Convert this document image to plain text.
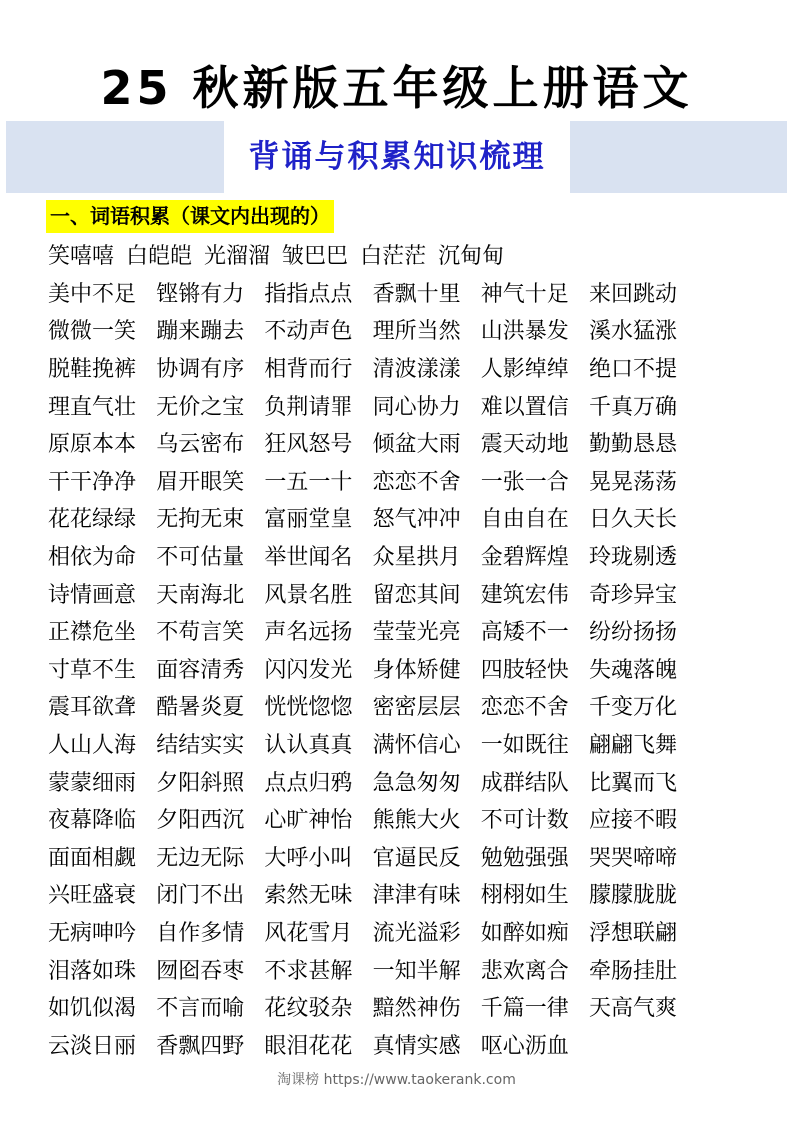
25 秋新版五年级上册语文
背诵与积累知识梳理
一、词语积累（课文内出现的）
笑嘻嘻 白皑皑 光溜溜 皱巴巴 白茫茫 沉甸甸
美中不足 铿锵有力 指指点点 香飘十里 神气十足 来回跳动
微微一笑 蹦来蹦去 不动声色 理所当然 山洪暴发 溪水猛涨
脱鞋挽裤 协调有序 相背而行 清波漾漾 人影绰绰 绝口不提
理直气壮 无价之宝 负荆请罪 同心协力 难以置信 千真万确
原原本本 乌云密布 狂风怒号 倾盆大雨 震天动地 勤勤恳恳
干干净净 眉开眼笑 一五一十 恋恋不舍 一张一合 晃晃荡荡
花花绿绿 无拘无束 富丽堂皇 怒气冲冲 自由自在 日久天长
相依为命 不可估量 举世闻名 众星拱月 金碧辉煌 玲珑剔透
诗情画意 天南海北 风景名胜 留恋其间 建筑宏伟 奇珍异宝
正襟危坐 不苟言笑 声名远扬 莹莹光亮 高矮不一 纷纷扬扬
寸草不生 面容清秀 闪闪发光 身体矫健 四肢轻快 失魂落魄
震耳欲聋 酷暑炎夏 恍恍惚惚 密密层层 恋恋不舍 千变万化
人山人海 结结实实 认认真真 满怀信心 一如既往 翩翩飞舞
蒙蒙细雨 夕阳斜照 点点归鸦 急急匆匆 成群结队 比翼而飞
夜幕降临 夕阳西沉 心旷神怡 熊熊大火 不可计数 应接不暇
面面相觑 无边无际 大呼小叫 官逼民反 勉勉强强 哭哭啼啼
兴旺盛衰 闭门不出 索然无味 津津有味 栩栩如生 朦朦胧胧
无病呻吟 自作多情 风花雪月 流光溢彩 如醉如痴 浮想联翩
泪落如珠 囫囵吞枣 不求甚解 一知半解 悲欢离合 牵肠挂肚
如饥似渴 不言而喻 花纹驳杂 黯然神伤 千篇一律 天高气爽
云淡日丽 香飘四野 眼泪花花 真情实感 呕心沥血
淘课榜 https://www.taokerank.com
